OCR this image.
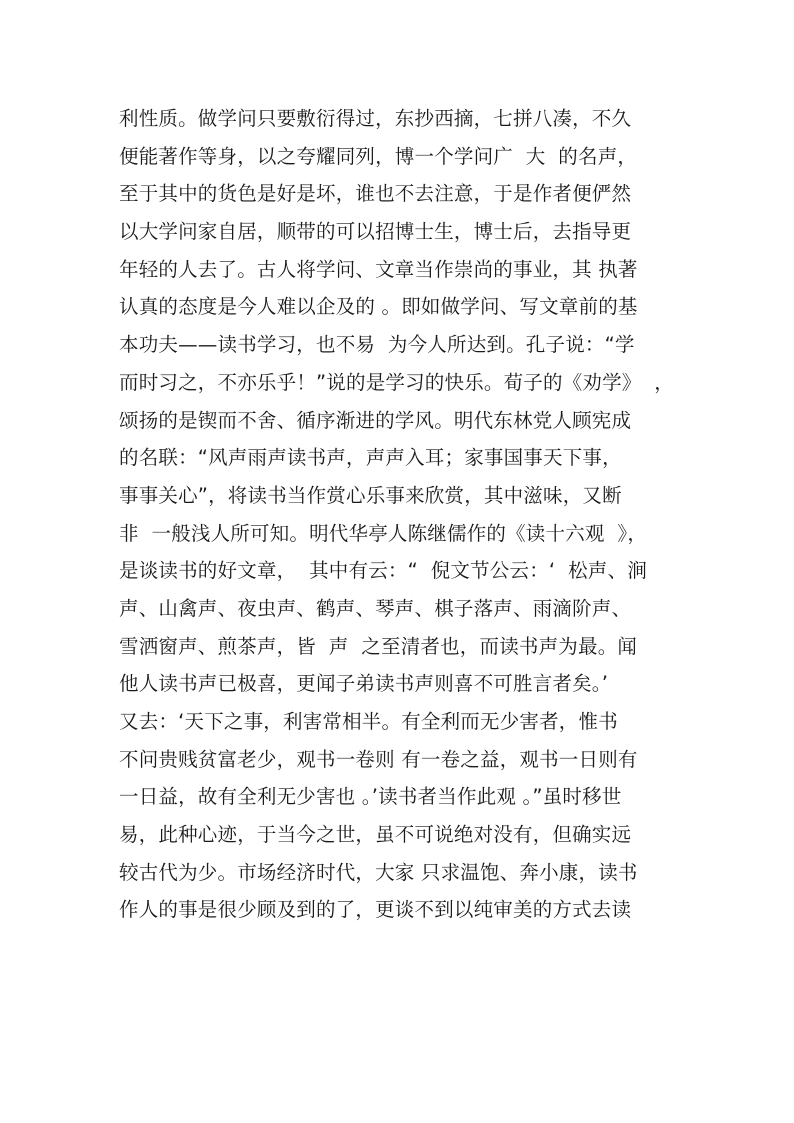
利性质。做学问只要敷衍得过，东抄西摘，七拼八凑，不久
便能著作等身，以之夸耀同列，博一个学问广  大  的名声，
至于其中的货色是好是坏，谁也不去注意，于是作者便俨然
以大学问家自居，顺带的可以招博士生，博士后，去指导更
年轻的人去了。古人将学问、文章当作崇尚的事业，其 执著
认真的态度是今人难以企及的 。即如做学问、写文章前的基
本功夫——读书学习，也不易  为今人所达到。孔子说：“学
而时习之，不亦乐乎！”说的是学习的快乐。荀子的《劝学》  ，
颂扬的是锲而不舍、循序渐进的学风。明代东林党人顾宪成
的名联：“风声雨声读书声，声声入耳；家事国事天下事，
事事关心”，将读书当作赏心乐事来欣赏，其中滋味，又断
非  一般浅人所可知。明代华亭人陈继儒作的《读十六观  》，
是谈读书的好文章，  其中有云：“  倪文节公云：‘  松声、涧
声、山禽声、夜虫声、鹤声、琴声、棋子落声、雨滴阶声、
雪洒窗声、煎茶声，皆  声  之至清者也，而读书声为最。闻
他人读书声已极喜，更闻子弟读书声则喜不可胜言者矣。’
又去：‘天下之事，利害常相半。有全利而无少害者，惟书
不问贵贱贫富老少，观书一卷则 有一卷之益，观书一日则有
一日益，故有全利无少害也 。’读书者当作此观 。”虽时移世
易，此种心迹，于当今之世，虽不可说绝对没有，但确实远
较古代为少。市场经济时代，大家 只求温饱、奔小康，读书
作人的事是很少顾及到的了，更谈不到以纯审美的方式去读
